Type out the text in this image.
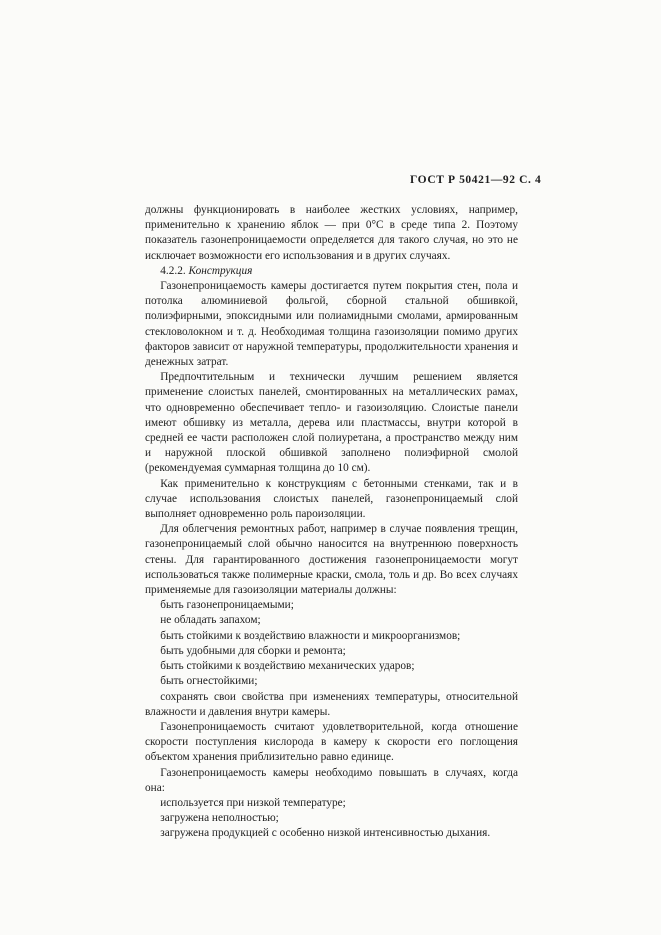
ГОСТ Р 50421—92 С. 4

должны функционировать в наиболее жестких условиях, например, применительно к хранению яблок — при 0°С в среде типа 2. Поэтому показатель газонепроницаемости определяется для такого случая, но это не исключает возможности его использования и в других случаях.

4.2.2. Конструкция

Газонепроницаемость камеры достигается путем покрытия стен, пола и потолка алюминиевой фольгой, сборной стальной обшивкой, полиэфирными, эпоксидными или полиамидными смолами, армированным стекловолокном и т. д. Необходимая толщина газоизоляции помимо других факторов зависит от наружной температуры, продолжительности хранения и денежных затрат.

Предпочтительным и технически лучшим решением является применение слоистых панелей, смонтированных на металлических рамах, что одновременно обеспечивает тепло- и газоизоляцию. Слоистые панели имеют обшивку из металла, дерева или пластмассы, внутри которой в средней ее части расположен слой полиуретана, а пространство между ним и наружной плоской обшивкой заполнено полиэфирной смолой (рекомендуемая суммарная толщина до 10 см).

Как применительно к конструкциям с бетонными стенками, так и в случае использования слоистых панелей, газонепроницаемый слой выполняет одновременно роль пароизоляции.

Для облегчения ремонтных работ, например в случае появления трещин, газонепроницаемый слой обычно наносится на внутреннюю поверхность стены. Для гарантированного достижения газонепроницаемости могут использоваться также полимерные краски, смола, толь и др. Во всех случаях применяемые для газоизоляции материалы должны:

быть газонепроницаемыми;

не обладать запахом;

быть стойкими к воздействию влажности и микроорганизмов;

быть удобными для сборки и ремонта;

быть стойкими к воздействию механических ударов;

быть огнестойкими;

сохранять свои свойства при изменениях температуры, относительной влажности и давления внутри камеры.

Газонепроницаемость считают удовлетворительной, когда отношение скорости поступления кислорода в камеру к скорости его поглощения объектом хранения приблизительно равно единице.

Газонепроницаемость камеры необходимо повышать в случаях, когда она:

используется при низкой температуре;

загружена неполностью;

загружена продукцией с особенно низкой интенсивностью дыхания.
